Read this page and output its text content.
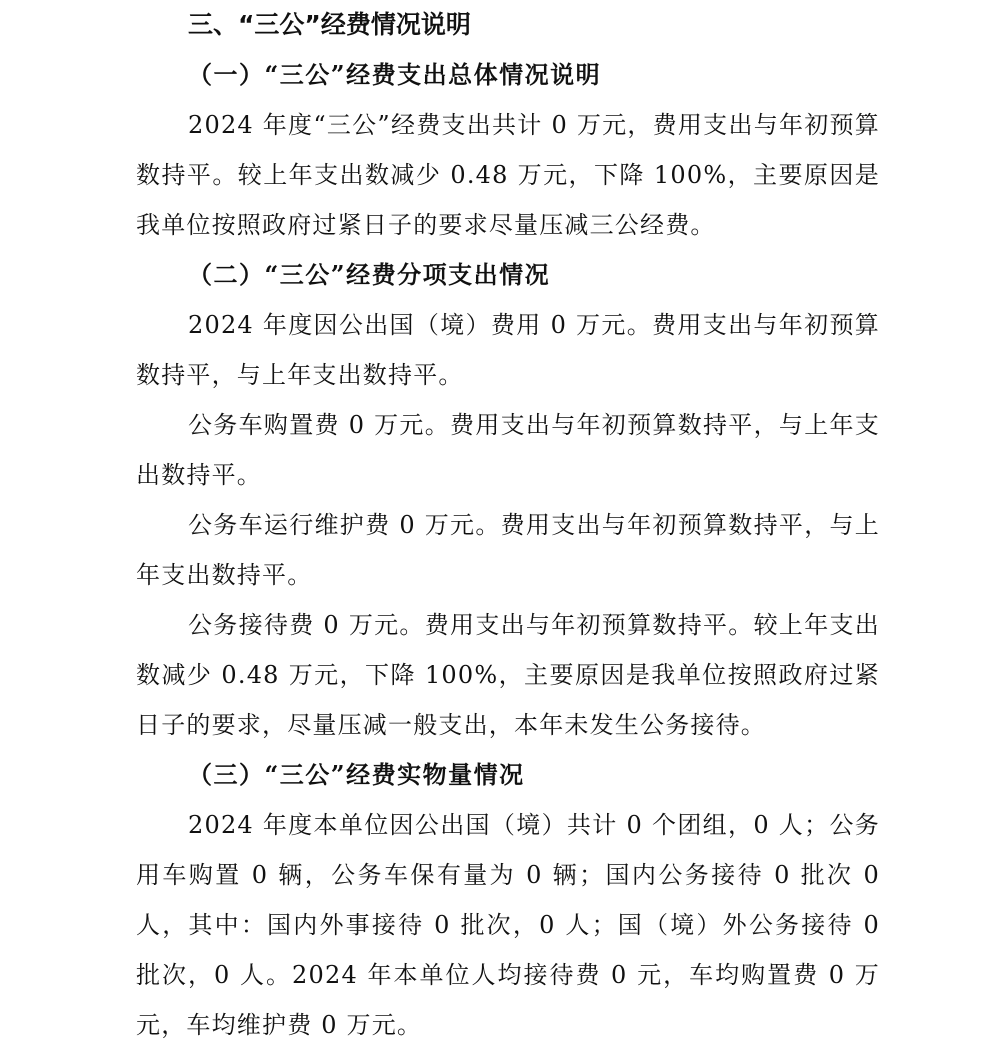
三、“三公”经费情况说明
（一）“三公”经费支出总体情况说明

2024 年度“三公”经费支出共计 0 万元，费用支出与年初预算数持平。较上年支出数减少 0.48 万元，下降 100%，主要原因是我单位按照政府过紧日子的要求尽量压减三公经费。

（二）“三公”经费分项支出情况

2024 年度因公出国（境）费用 0 万元。费用支出与年初预算数持平，与上年支出数持平。

公务车购置费 0 万元。费用支出与年初预算数持平，与上年支出数持平。

公务车运行维护费 0 万元。费用支出与年初预算数持平，与上年支出数持平。

公务接待费 0 万元。费用支出与年初预算数持平。较上年支出数减少 0.48 万元，下降 100%，主要原因是我单位按照政府过紧日子的要求，尽量压减一般支出，本年未发生公务接待。

（三）“三公”经费实物量情况

2024 年度本单位因公出国（境）共计 0 个团组，0 人；公务用车购置 0 辆，公务车保有量为 0 辆；国内公务接待 0 批次 0 人，其中：国内外事接待 0 批次，0 人；国（境）外公务接待 0 批次，0 人。2024 年本单位人均接待费 0 元，车均购置费 0 万元，车均维护费 0 万元。
